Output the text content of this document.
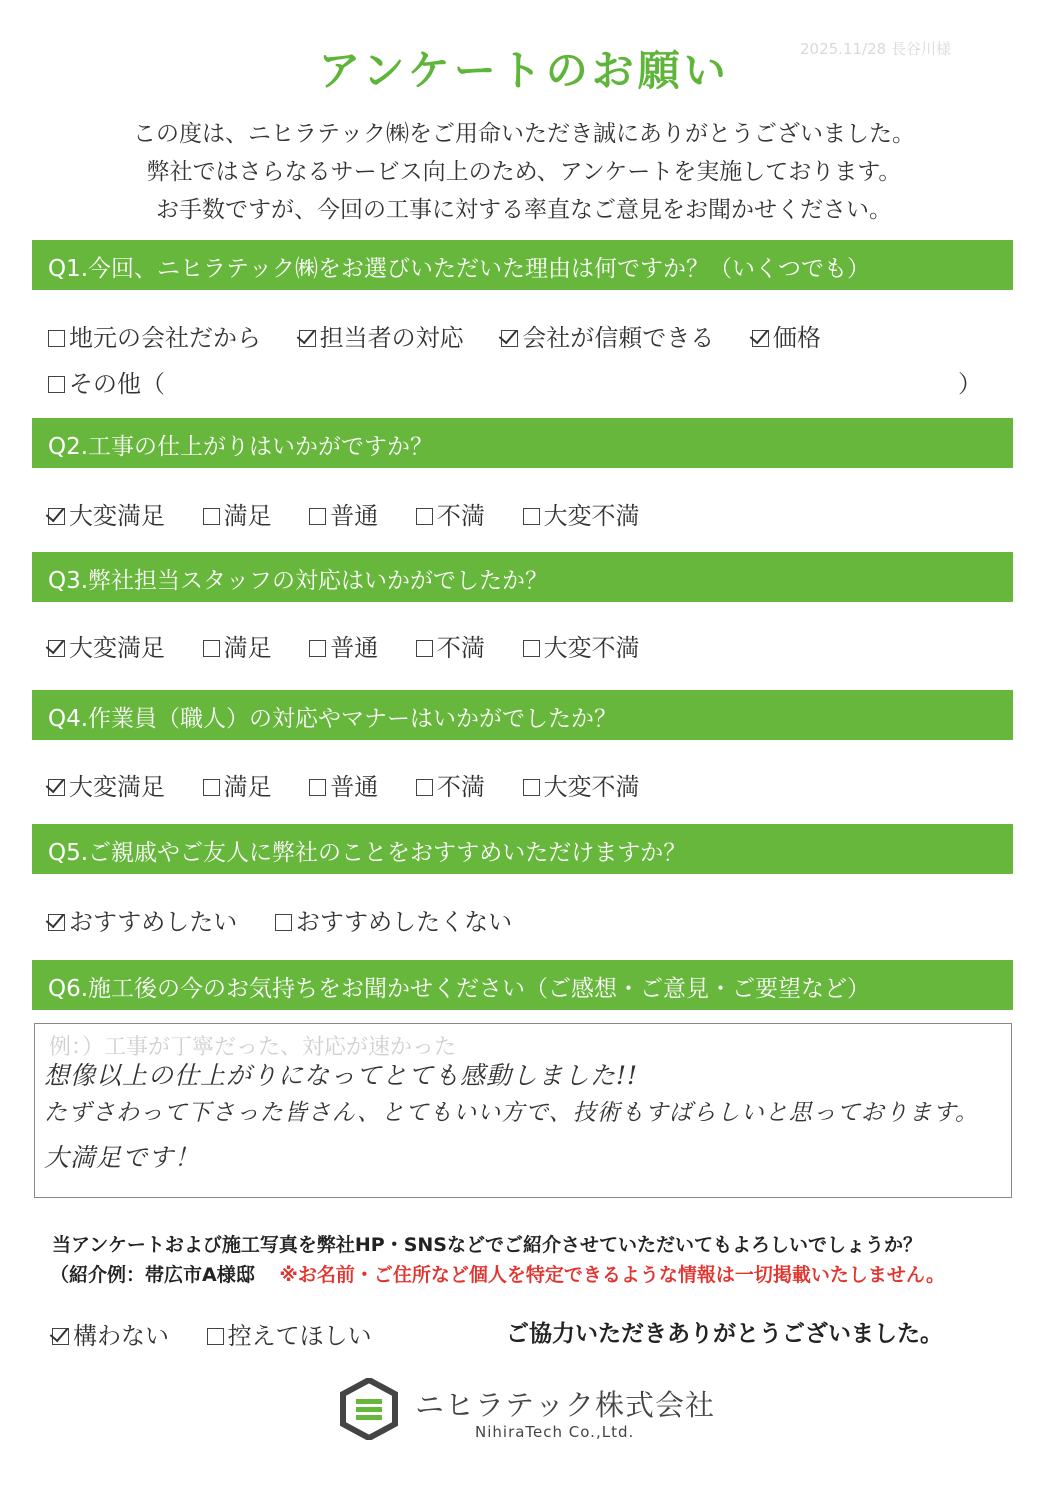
2025.11/28 長谷川様
アンケートのお願い
この度は、ニヒラテック㈱をご用命いただき誠にありがとうございました。
弊社ではさらなるサービス向上のため、アンケートを実施しております。
お手数ですが、今回の工事に対する率直なご意見をお聞かせください。
Q1.今回、ニヒラテック㈱をお選びいただいた理由は何ですか？（いくつでも）
地元の会社だから 担当者の対応 会社が信頼できる 価格
その他（	）
Q2.工事の仕上がりはいかがですか？
大変満足 満足 普通 不満 大変不満
Q3.弊社担当スタッフの対応はいかがでしたか？
大変満足 満足 普通 不満 大変不満
Q4.作業員（職人）の対応やマナーはいかがでしたか？
大変満足 満足 普通 不満 大変不満
Q5.ご親戚やご友人に弊社のことをおすすめいただけますか？
おすすめしたい おすすめしたくない
Q6.施工後の今のお気持ちをお聞かせください（ご感想・ご意見・ご要望など）
例：）工事が丁寧だった、対応が速かった
想像以上の仕上がりになってとても感動しました!!
たずさわって下さった皆さん、とてもいい方で、技術もすばらしいと思っております。
大満足です！
当アンケートおよび施工写真を弊社HP・SNSなどでご紹介させていただいてもよろしいでしょうか？
（紹介例：帯広市A様邸 ※お名前・ご住所など個人を特定できるような情報は一切掲載いたしません。
構わない 控えてほしい	ご協力いただきありがとうございました。
ニヒラテック株式会社
NihiraTech Co.,Ltd.
